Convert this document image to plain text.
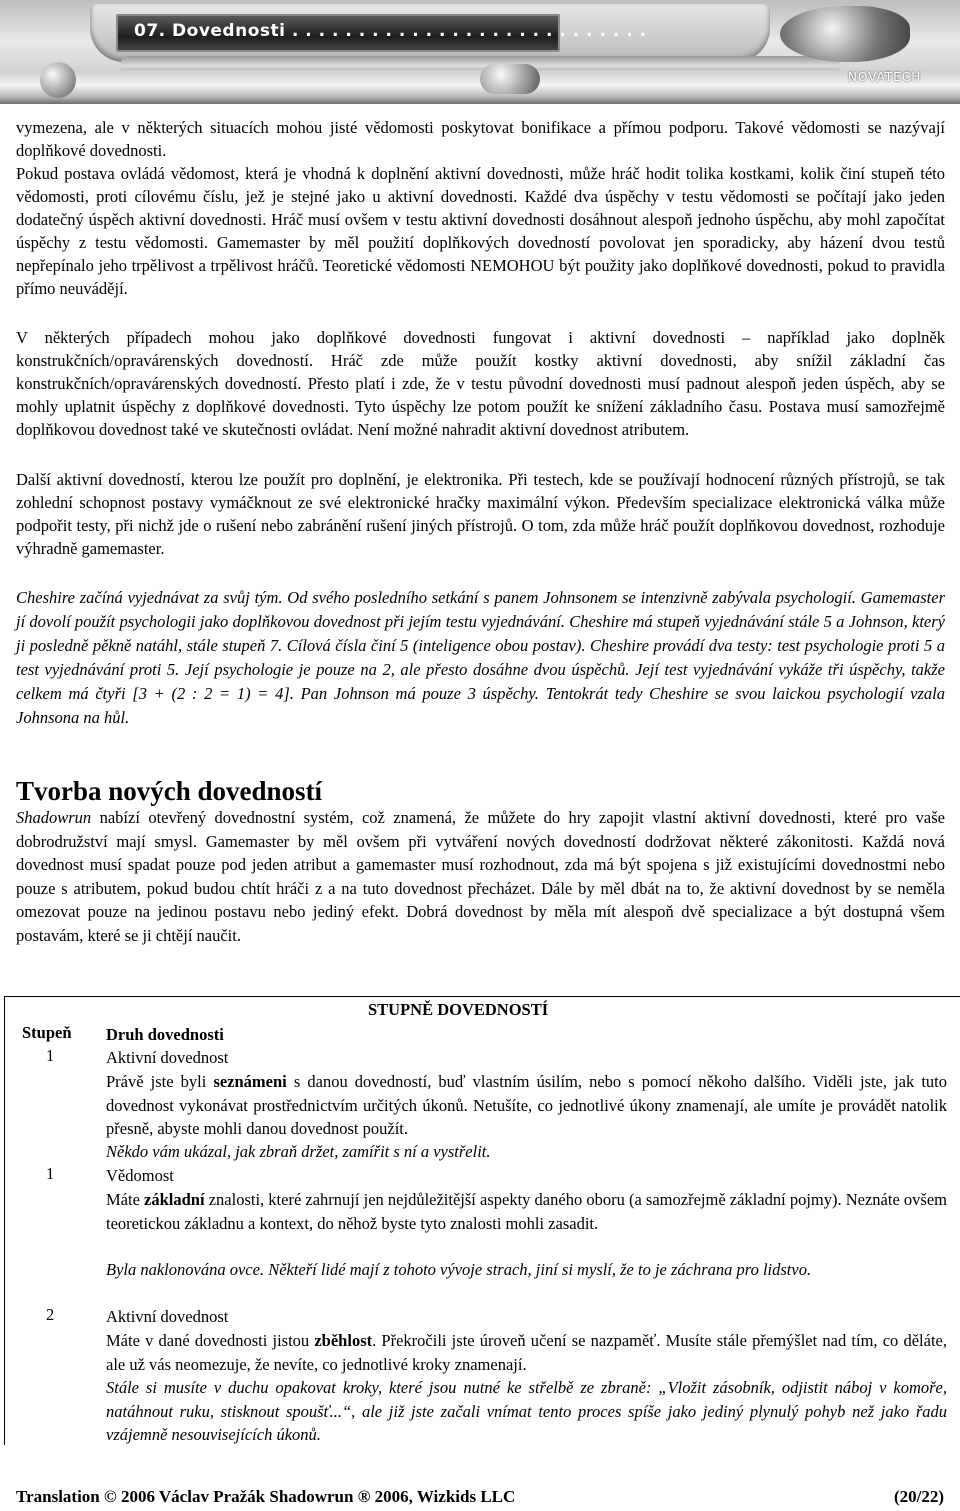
07. Dovednosti . . . . . . . . . . . . . . . . . . . . . . . . . . .
NOVATECH

vymezena, ale v některých situacích mohou jisté vědomosti poskytovat bonifikace a přímou podporu. Takové vědomosti se nazývají doplňkové dovednosti.

Pokud postava ovládá vědomost, která je vhodná k doplnění aktivní dovednosti, může hráč hodit tolika kostkami, kolik činí stupeň této vědomosti, proti cílovému číslu, jež je stejné jako u aktivní dovednosti. Každé dva úspěchy v testu vědomosti se počítají jako jeden dodatečný úspěch aktivní dovednosti. Hráč musí ovšem v testu aktivní dovednosti dosáhnout alespoň jednoho úspěchu, aby mohl započítat úspěchy z testu vědomosti. Gamemaster by měl použití doplňkových dovedností povolovat jen sporadicky, aby házení dvou testů nepřepínalo jeho trpělivost a trpělivost hráčů. Teoretické vědomosti NEMOHOU být použity jako doplňkové dovednosti, pokud to pravidla přímo neuvádějí.

V některých případech mohou jako doplňkové dovednosti fungovat i aktivní dovednosti – například jako doplněk konstrukčních/opravárenských dovedností. Hráč zde může použít kostky aktivní dovednosti, aby snížil základní čas konstrukčních/opravárenských dovedností. Přesto platí i zde, že v testu původní dovednosti musí padnout alespoň jeden úspěch, aby se mohly uplatnit úspěchy z doplňkové dovednosti. Tyto úspěchy lze potom použít ke snížení základního času. Postava musí samozřejmě doplňkovou dovednost také ve skutečnosti ovládat. Není možné nahradit aktivní dovednost atributem.

Další aktivní dovedností, kterou lze použít pro doplnění, je elektronika. Při testech, kde se používají hodnocení různých přístrojů, se tak zohlední schopnost postavy vymáčknout ze své elektronické hračky maximální výkon. Především specializace elektronická válka může podpořit testy, při nichž jde o rušení nebo zabránění rušení jiných přístrojů. O tom, zda může hráč použít doplňkovou dovednost, rozhoduje výhradně gamemaster.

Cheshire začíná vyjednávat za svůj tým. Od svého posledního setkání s panem Johnsonem se intenzivně zabývala psychologií. Gamemaster jí dovolí použít psychologii jako doplňkovou dovednost při jejím testu vyjednávání. Cheshire má stupeň vyjednávání stále 5 a Johnson, který ji posledně pěkně natáhl, stále stupeň 7. Cílová čísla činí 5 (inteligence obou postav). Cheshire provádí dva testy: test psychologie proti 5 a test vyjednávání proti 5. Její psychologie je pouze na 2, ale přesto dosáhne dvou úspěchů. Její test vyjednávání vykáže tři úspěchy, takže celkem má čtyři [3 + (2 : 2 = 1) = 4]. Pan Johnson má pouze 3 úspěchy. Tentokrát tedy Cheshire se svou laickou psychologií vzala Johnsona na hůl.

Tvorba nových dovedností

Shadowrun nabízí otevřený dovednostní systém, což znamená, že můžete do hry zapojit vlastní aktivní dovednosti, které pro vaše dobrodružství mají smysl. Gamemaster by měl ovšem při vytváření nových dovedností dodržovat některé zákonitosti. Každá nová dovednost musí spadat pouze pod jeden atribut a gamemaster musí rozhodnout, zda má být spojena s již existujícími dovednostmi nebo pouze s atributem, pokud budou chtít hráči z a na tuto dovednost přecházet. Dále by měl dbát na to, že aktivní dovednost by se neměla omezovat pouze na jedinou postavu nebo jediný efekt. Dobrá dovednost by měla mít alespoň dvě specializace a být dostupná všem postavám, které se ji chtějí naučit.

STUPNĚ DOVEDNOSTÍ
Stupeň	Druh dovednosti
1	Aktivní dovednost

Právě jste byli seznámeni s danou dovedností, buď vlastním úsilím, nebo s pomocí někoho dalšího. Viděli jste, jak tuto dovednost vykonávat prostřednictvím určitých úkonů. Netušíte, co jednotlivé úkony znamenají, ale umíte je provádět natolik přesně, abyste mohli danou dovednost použít.

Někdo vám ukázal, jak zbraň držet, zamířit s ní a vystřelit.

1	Vědomost

Máte základní znalosti, které zahrnují jen nejdůležitější aspekty daného oboru (a samozřejmě základní pojmy). Neznáte ovšem teoretickou základnu a kontext, do něhož byste tyto znalosti mohli zasadit.

Byla naklonována ovce. Někteří lidé mají z tohoto vývoje strach, jiní si myslí, že to je záchrana pro lidstvo.

2	Aktivní dovednost

Máte v dané dovednosti jistou zběhlost. Překročili jste úroveň učení se nazpaměť. Musíte stále přemýšlet nad tím, co děláte, ale už vás neomezuje, že nevíte, co jednotlivé kroky znamenají.

Stále si musíte v duchu opakovat kroky, které jsou nutné ke střelbě ze zbraně: „Vložit zásobník, odjistit náboj v komoře, natáhnout ruku, stisknout spoušť...“, ale již jste začali vnímat tento proces spíše jako jediný plynulý pohyb než jako řadu vzájemně nesouvisejících úkonů.

Translation © 2006 Václav Pražák Shadowrun ® 2006, Wizkids LLC	(20/22)
